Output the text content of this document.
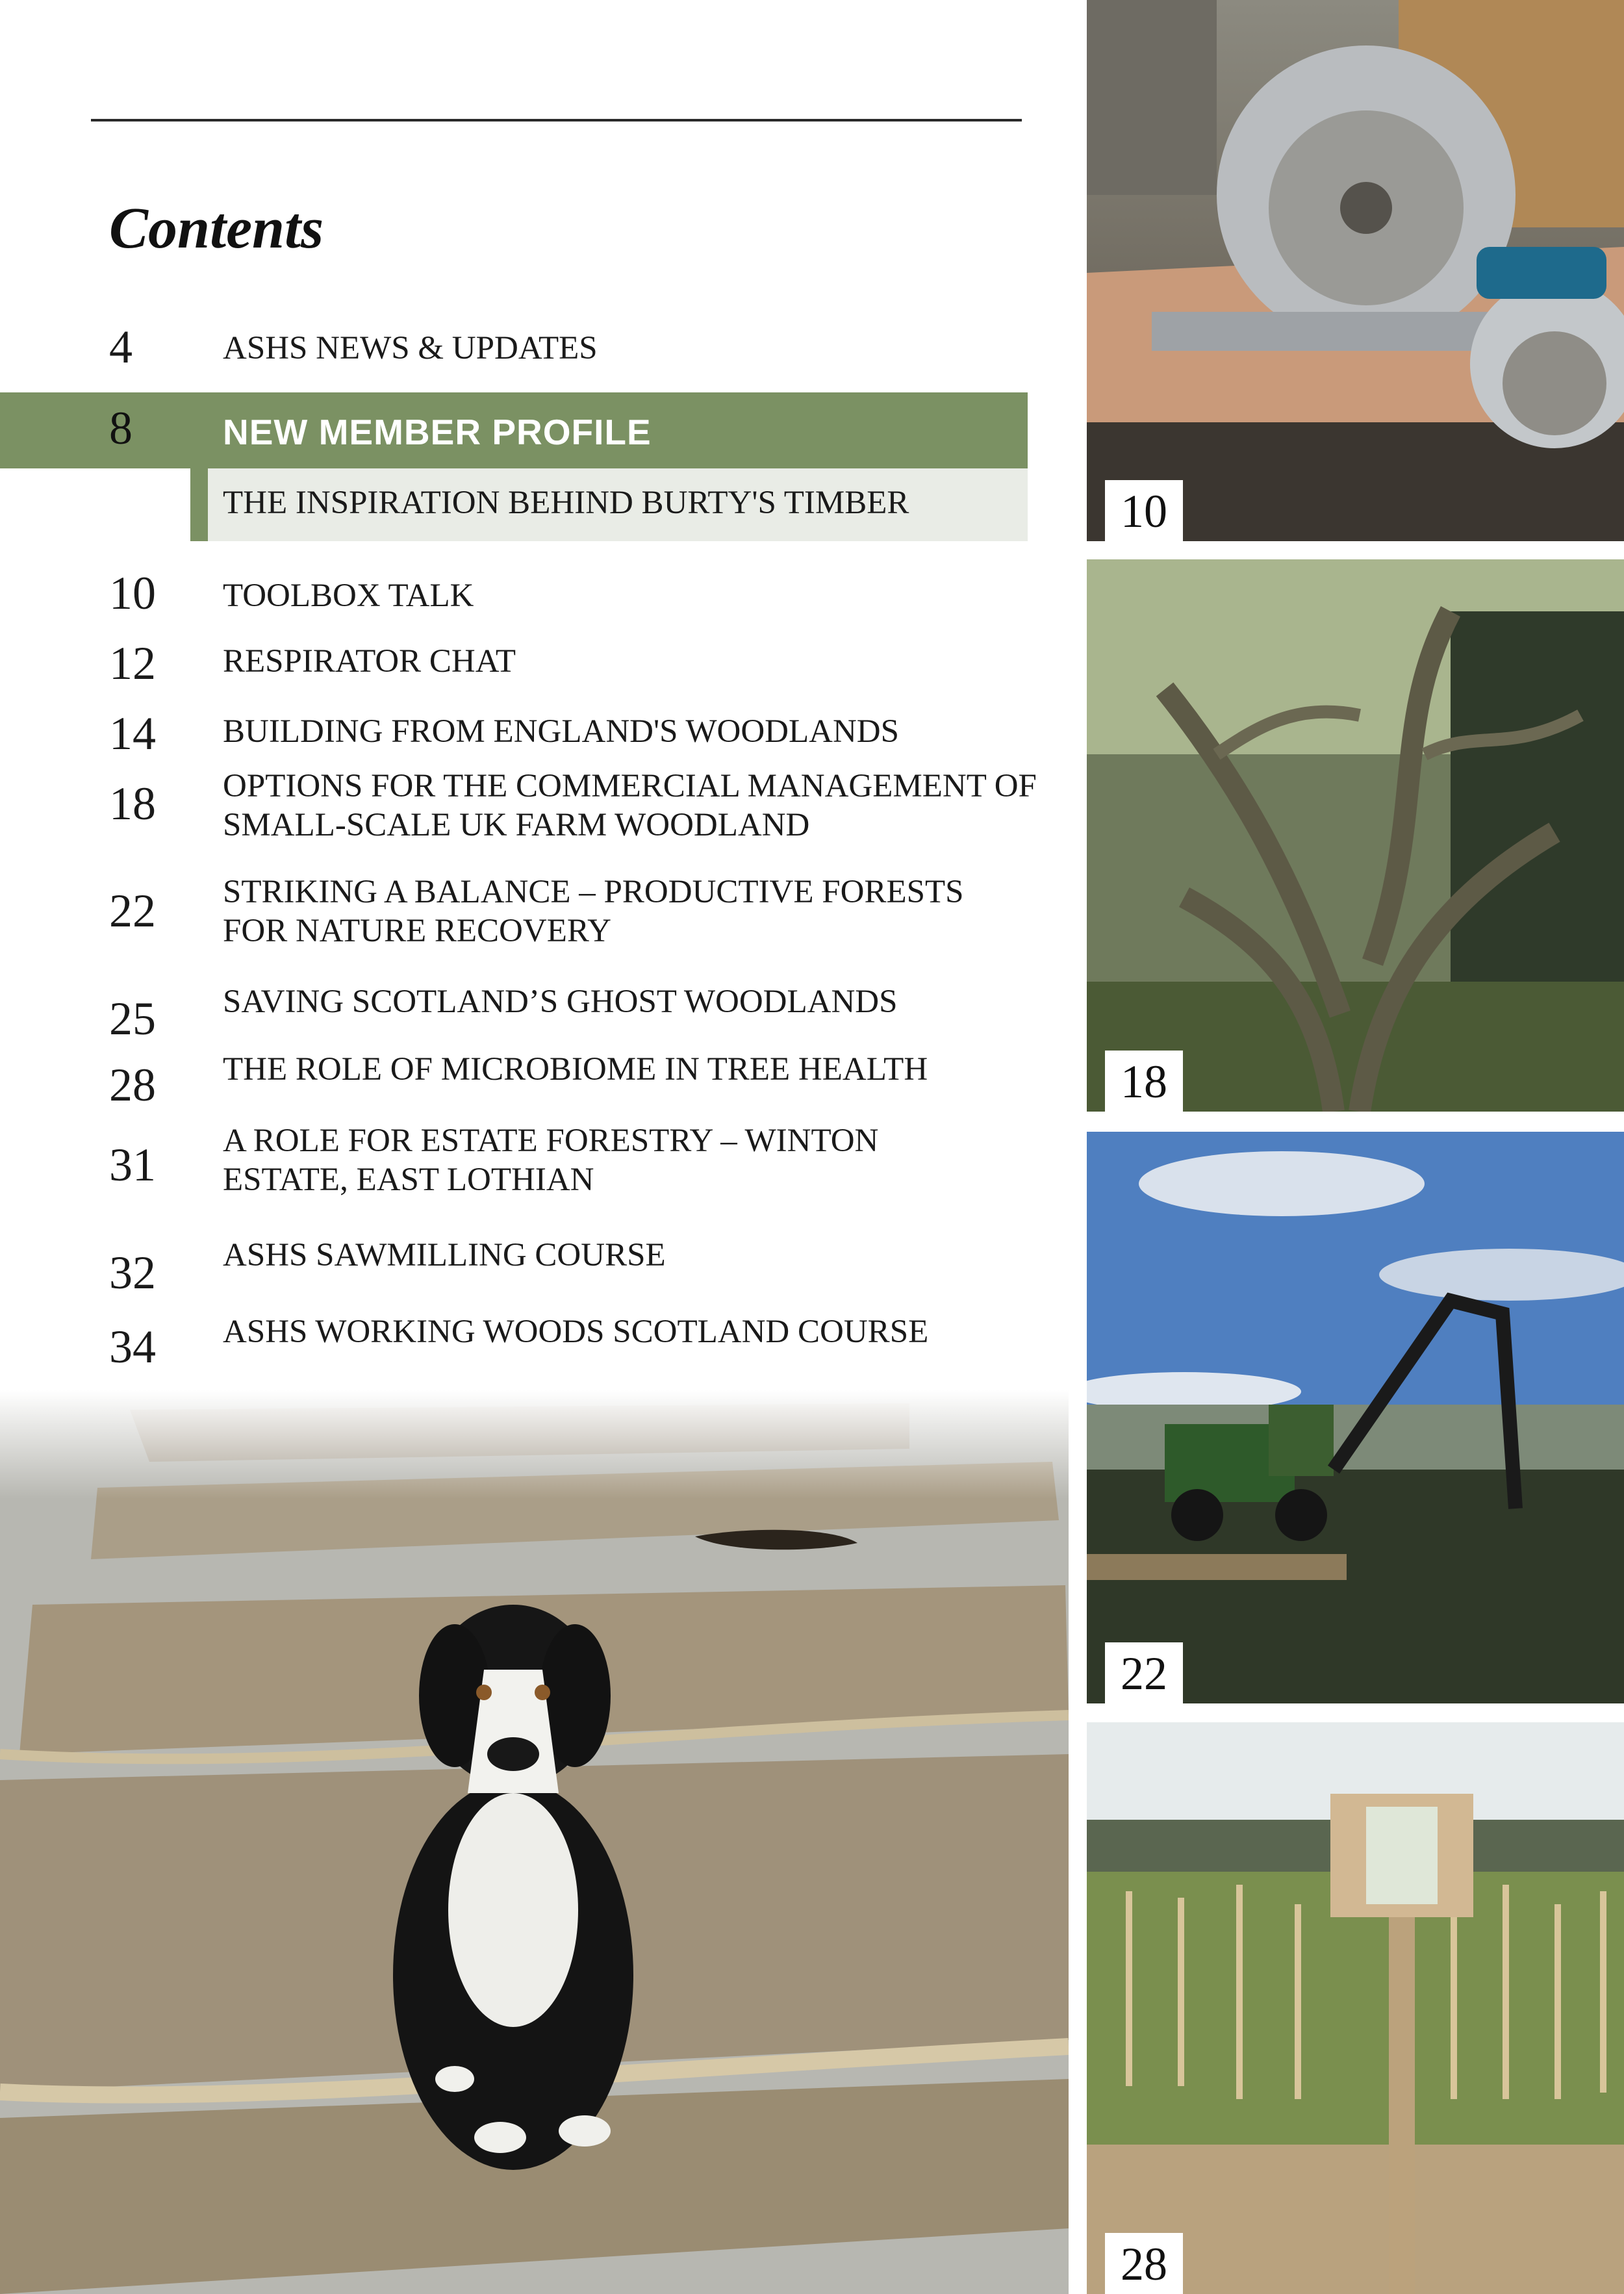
Contents
4	ASHS NEWS & UPDATES
8	NEW MEMBER PROFILE
THE INSPIRATION BEHIND BURTY'S TIMBER
10 TOOLBOX TALK
12 RESPIRATOR CHAT
14 BUILDING FROM ENGLAND'S WOODLANDS
18 OPTIONS FOR THE COMMERCIAL MANAGEMENT OF SMALL-SCALE UK FARM WOODLAND
22 STRIKING A BALANCE – PRODUCTIVE FORESTS FOR NATURE RECOVERY
25 SAVING SCOTLAND’S GHOST WOODLANDS
28 THE ROLE OF MICROBIOME IN TREE HEALTH
31 A ROLE FOR ESTATE FORESTRY – WINTON ESTATE, EAST LOTHIAN
32 ASHS SAWMILLING COURSE
34 ASHS WORKING WOODS SCOTLAND COURSE
10
18
22
28
